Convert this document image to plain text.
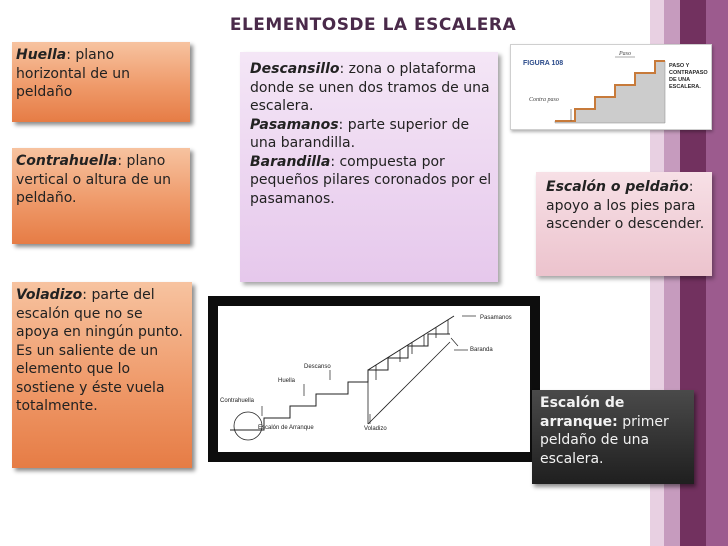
ELEMENTOSDE LA ESCALERA
Huella: plano horizontal de un peldaño
Contrahuella: plano vertical o altura de un peldaño.
Voladizo: parte del escalón que no se apoya en ningún punto. Es un saliente de un elemento que lo sostiene y éste vuela totalmente.
Descansillo: zona o plataforma donde se unen dos tramos de una escalera.
Pasamanos: parte superior de una barandilla.
Barandilla: compuesta por pequeños pilares coronados por el pasamanos.
FIGURA 108
Paso
Contra paso
PASO Y CONTRAPASO DE UNA ESCALERA.
Escalón o peldaño: apoyo a los pies para ascender o descender.
Pasamanos
Baranda
Descanso
Huella
Contrahuella
Escalón de Arranque	Voladizo
Escalón de arranque: primer peldaño de una escalera.
